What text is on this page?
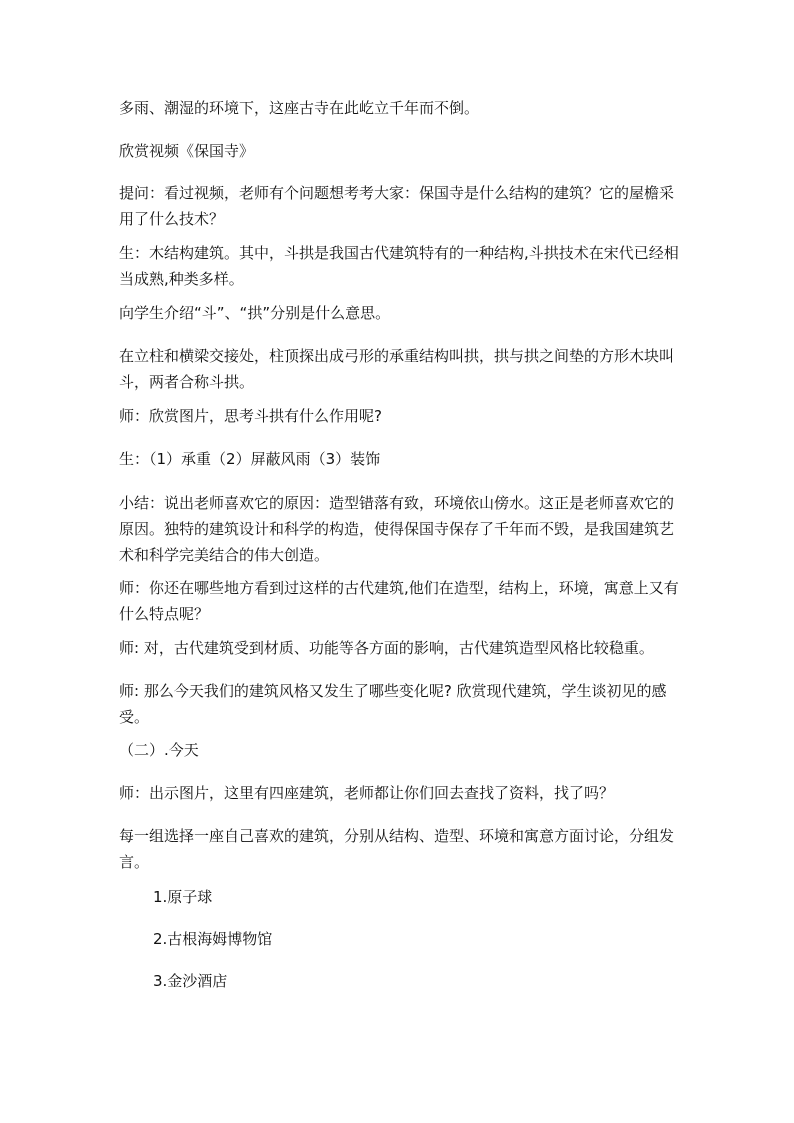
多雨、潮湿的环境下，这座古寺在此屹立千年而不倒。

欣赏视频《保国寺》

提问：看过视频，老师有个问题想考考大家：保国寺是什么结构的建筑？它的屋檐采用了什么技术？

生：木结构建筑。其中，斗拱是我国古代建筑特有的一种结构,斗拱技术在宋代已经相当成熟,种类多样。

向学生介绍“斗”、“拱”分别是什么意思。

在立柱和横梁交接处，柱顶探出成弓形的承重结构叫拱，拱与拱之间垫的方形木块叫斗，两者合称斗拱。

师：欣赏图片，思考斗拱有什么作用呢?

生：（1）承重（2）屏蔽风雨（3）装饰

小结：说出老师喜欢它的原因：造型错落有致，环境依山傍水。这正是老师喜欢它的原因。独特的建筑设计和科学的构造，使得保国寺保存了千年而不毁，是我国建筑艺术和科学完美结合的伟大创造。

师：你还在哪些地方看到过这样的古代建筑,他们在造型，结构上，环境，寓意上又有什么特点呢？

师: 对，古代建筑受到材质、功能等各方面的影响，古代建筑造型风格比较稳重。

师: 那么今天我们的建筑风格又发生了哪些变化呢? 欣赏现代建筑，学生谈初见的感受。

（二）.今天

师：出示图片，这里有四座建筑，老师都让你们回去查找了资料，找了吗？

每一组选择一座自己喜欢的建筑，分别从结构、造型、环境和寓意方面讨论，分组发言。

1.原子球

2.古根海姆博物馆

3.金沙酒店
